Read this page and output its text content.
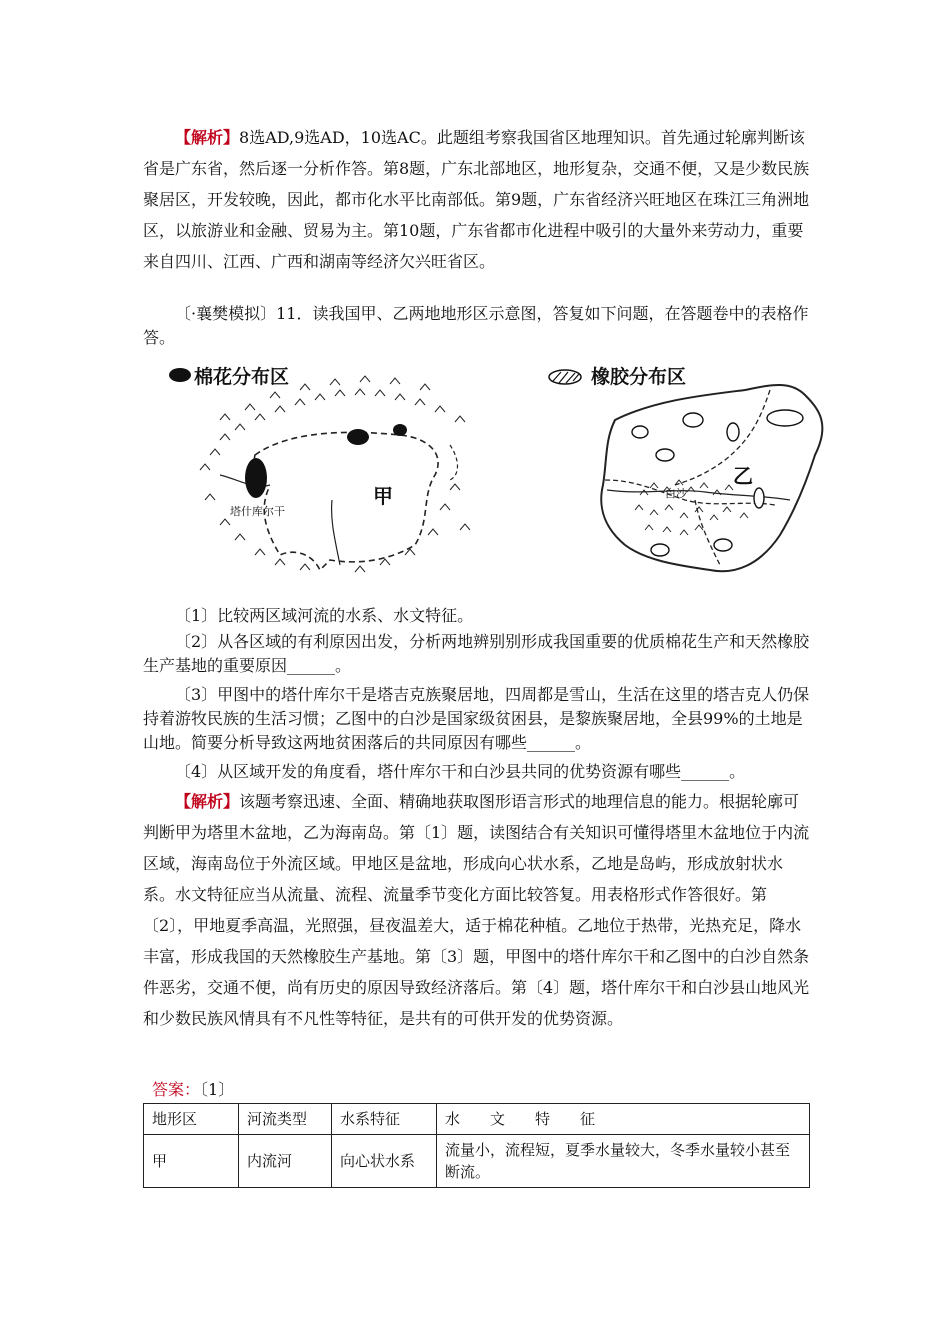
【解析】8选AD,9选AD，10选AC。此题组考察我国省区地理知识。首先通过轮廓判断该省是广东省，然后逐一分析作答。第8题，广东北部地区，地形复杂，交通不便，又是少数民族聚居区，开发较晚，因此，都市化水平比南部低。第9题，广东省经济兴旺地区在珠江三角洲地区，以旅游业和金融、贸易为主。第10题，广东省都市化进程中吸引的大量外来劳动力，重要来自四川、江西、广西和湖南等经济欠兴旺省区。

〔·襄樊模拟〕11．读我国甲、乙两地地形区示意图，答复如下问题，在答题卷中的表格作答。

棉花分布区
甲
塔什库尔干
橡胶分布区
乙
白沙

〔1〕比较两区域河流的水系、水文特征。

〔2〕从各区域的有利原因出发，分析两地辨别别形成我国重要的优质棉花生产和天然橡胶生产基地的重要原因______。

〔3〕甲图中的塔什库尔干是塔吉克族聚居地，四周都是雪山，生活在这里的塔吉克人仍保持着游牧民族的生活习惯；乙图中的白沙是国家级贫困县，是黎族聚居地，全县99%的土地是山地。简要分析导致这两地贫困落后的共同原因有哪些______。

〔4〕从区域开发的角度看，塔什库尔干和白沙县共同的优势资源有哪些______。

【解析】该题考察迅速、全面、精确地获取图形语言形式的地理信息的能力。根据轮廓可判断甲为塔里木盆地，乙为海南岛。第〔1〕题，读图结合有关知识可懂得塔里木盆地位于内流区域，海南岛位于外流区域。甲地区是盆地，形成向心状水系，乙地是岛屿，形成放射状水系。水文特征应当从流量、流程、流量季节变化方面比较答复。用表格形式作答很好。第〔2〕，甲地夏季高温，光照强，昼夜温差大，适于棉花种植。乙地位于热带，光热充足，降水丰富，形成我国的天然橡胶生产基地。第〔3〕题，甲图中的塔什库尔干和乙图中的白沙自然条件恶劣，交通不便，尚有历史的原因导致经济落后。第〔4〕题，塔什库尔干和白沙县山地风光和少数民族风情具有不凡性等特征，是共有的可供开发的优势资源。

答案：〔1〕
地形区	河流类型	水系特征	水　　文　　特　　征
甲	内流河	向心状水系	流量小，流程短，夏季水量较大，冬季水量较小甚至断流。
